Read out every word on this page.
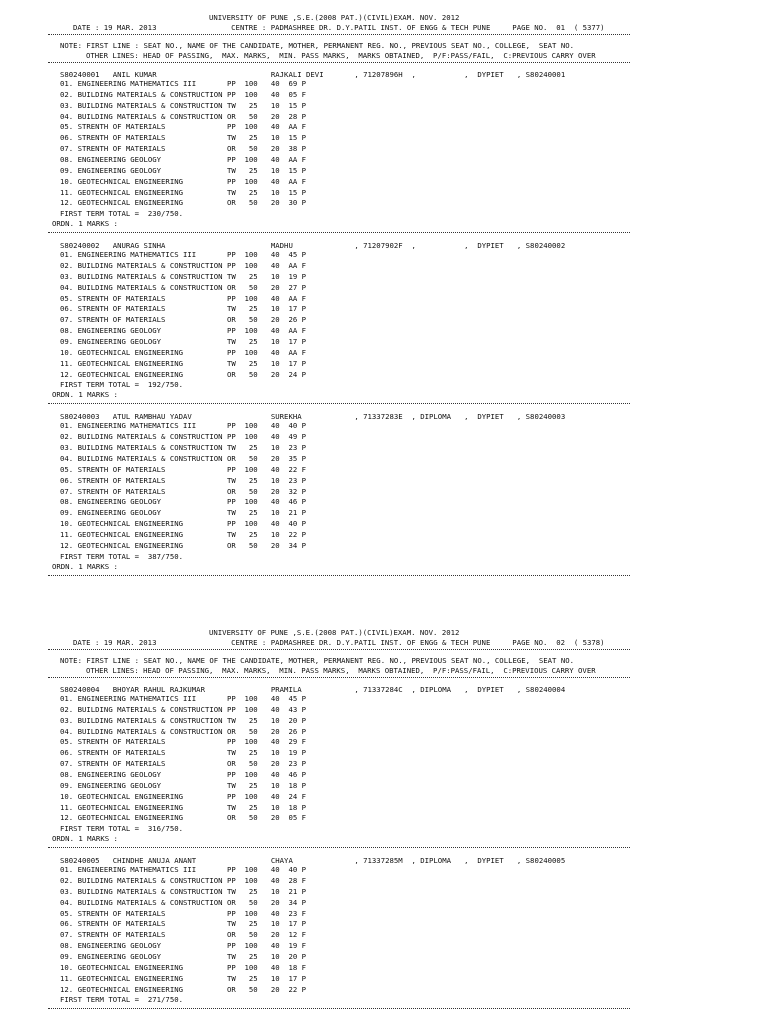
UNIVERSITY OF PUNE ,S.E.(2008 PAT.)(CIVIL)EXAM. NOV. 2012
DATE : 19 MAR. 2013                 CENTRE : PADMASHREE DR. D.Y.PATIL INST. OF ENGG & TECH PUNE     PAGE NO.  01  ( 5377)
NOTE: FIRST LINE : SEAT NO., NAME OF THE CANDIDATE, MOTHER, PERMANENT REG. NO., PREVIOUS SEAT NO., COLLEGE,  SEAT NO.
OTHER LINES: HEAD OF PASSING,  MAX. MARKS,  MIN. PASS MARKS,  MARKS OBTAINED,  P/F:PASS/FAIL,  C:PREVIOUS CARRY OVER
S80240001   ANIL KUMAR                          RAJKALI DEVI       , 71207896H  ,           ,  DYPIET   , S80240001
01. ENGINEERING MATHEMATICS III       PP  100   40  69 P
02. BUILDING MATERIALS & CONSTRUCTION PP  100   40  05 F
03. BUILDING MATERIALS & CONSTRUCTION TW   25   10  15 P
04. BUILDING MATERIALS & CONSTRUCTION OR   50   20  28 P
05. STRENTH OF MATERIALS              PP  100   40  AA F
06. STRENTH OF MATERIALS              TW   25   10  15 P
07. STRENTH OF MATERIALS              OR   50   20  38 P
08. ENGINEERING GEOLOGY               PP  100   40  AA F
09. ENGINEERING GEOLOGY               TW   25   10  15 P
10. GEOTECHNICAL ENGINEERING          PP  100   40  AA F
11. GEOTECHNICAL ENGINEERING          TW   25   10  15 P
12. GEOTECHNICAL ENGINEERING          OR   50   20  30 P
FIRST TERM TOTAL =  230/750.
ORDN. 1 MARKS :
S80240002   ANURAG SINHA                        MADHU              , 71207902F  ,           ,  DYPIET   , S80240002
01. ENGINEERING MATHEMATICS III       PP  100   40  45 P
02. BUILDING MATERIALS & CONSTRUCTION PP  100   40  AA F
03. BUILDING MATERIALS & CONSTRUCTION TW   25   10  19 P
04. BUILDING MATERIALS & CONSTRUCTION OR   50   20  27 P
05. STRENTH OF MATERIALS              PP  100   40  AA F
06. STRENTH OF MATERIALS              TW   25   10  17 P
07. STRENTH OF MATERIALS              OR   50   20  26 P
08. ENGINEERING GEOLOGY               PP  100   40  AA F
09. ENGINEERING GEOLOGY               TW   25   10  17 P
10. GEOTECHNICAL ENGINEERING          PP  100   40  AA F
11. GEOTECHNICAL ENGINEERING          TW   25   10  17 P
12. GEOTECHNICAL ENGINEERING          OR   50   20  24 P
FIRST TERM TOTAL =  192/750.
ORDN. 1 MARKS :
S80240003   ATUL RAMBHAU YADAV                  SUREKHA            , 71337283E  , DIPLOMA   ,  DYPIET   , S80240003
01. ENGINEERING MATHEMATICS III       PP  100   40  40 P
02. BUILDING MATERIALS & CONSTRUCTION PP  100   40  49 P
03. BUILDING MATERIALS & CONSTRUCTION TW   25   10  23 P
04. BUILDING MATERIALS & CONSTRUCTION OR   50   20  35 P
05. STRENTH OF MATERIALS              PP  100   40  22 F
06. STRENTH OF MATERIALS              TW   25   10  23 P
07. STRENTH OF MATERIALS              OR   50   20  32 P
08. ENGINEERING GEOLOGY               PP  100   40  46 P
09. ENGINEERING GEOLOGY               TW   25   10  21 P
10. GEOTECHNICAL ENGINEERING          PP  100   40  40 P
11. GEOTECHNICAL ENGINEERING          TW   25   10  22 P
12. GEOTECHNICAL ENGINEERING          OR   50   20  34 P
FIRST TERM TOTAL =  387/750.
ORDN. 1 MARKS :
UNIVERSITY OF PUNE ,S.E.(2008 PAT.)(CIVIL)EXAM. NOV. 2012
DATE : 19 MAR. 2013                 CENTRE : PADMASHREE DR. D.Y.PATIL INST. OF ENGG & TECH PUNE     PAGE NO.  02  ( 5378)
NOTE: FIRST LINE : SEAT NO., NAME OF THE CANDIDATE, MOTHER, PERMANENT REG. NO., PREVIOUS SEAT NO., COLLEGE,  SEAT NO.
OTHER LINES: HEAD OF PASSING,  MAX. MARKS,  MIN. PASS MARKS,  MARKS OBTAINED,  P/F:PASS/FAIL,  C:PREVIOUS CARRY OVER
S80240004   BHOYAR RAHUL RAJKUMAR               PRAMILA            , 71337284C  , DIPLOMA   ,  DYPIET   , S80240004
01. ENGINEERING MATHEMATICS III       PP  100   40  45 P
02. BUILDING MATERIALS & CONSTRUCTION PP  100   40  43 P
03. BUILDING MATERIALS & CONSTRUCTION TW   25   10  20 P
04. BUILDING MATERIALS & CONSTRUCTION OR   50   20  26 P
05. STRENTH OF MATERIALS              PP  100   40  29 F
06. STRENTH OF MATERIALS              TW   25   10  19 P
07. STRENTH OF MATERIALS              OR   50   20  23 P
08. ENGINEERING GEOLOGY               PP  100   40  46 P
09. ENGINEERING GEOLOGY               TW   25   10  18 P
10. GEOTECHNICAL ENGINEERING          PP  100   40  24 F
11. GEOTECHNICAL ENGINEERING          TW   25   10  18 P
12. GEOTECHNICAL ENGINEERING          OR   50   20  05 F
FIRST TERM TOTAL =  316/750.
ORDN. 1 MARKS :
S80240005   CHINDHE ANUJA ANANT                 CHAYA              , 71337285M  , DIPLOMA   ,  DYPIET   , S80240005
01. ENGINEERING MATHEMATICS III       PP  100   40  40 P
02. BUILDING MATERIALS & CONSTRUCTION PP  100   40  28 F
03. BUILDING MATERIALS & CONSTRUCTION TW   25   10  21 P
04. BUILDING MATERIALS & CONSTRUCTION OR   50   20  34 P
05. STRENTH OF MATERIALS              PP  100   40  23 F
06. STRENTH OF MATERIALS              TW   25   10  17 P
07. STRENTH OF MATERIALS              OR   50   20  12 F
08. ENGINEERING GEOLOGY               PP  100   40  19 F
09. ENGINEERING GEOLOGY               TW   25   10  20 P
10. GEOTECHNICAL ENGINEERING          PP  100   40  18 F
11. GEOTECHNICAL ENGINEERING          TW   25   10  17 P
12. GEOTECHNICAL ENGINEERING          OR   50   20  22 P
FIRST TERM TOTAL =  271/750.
